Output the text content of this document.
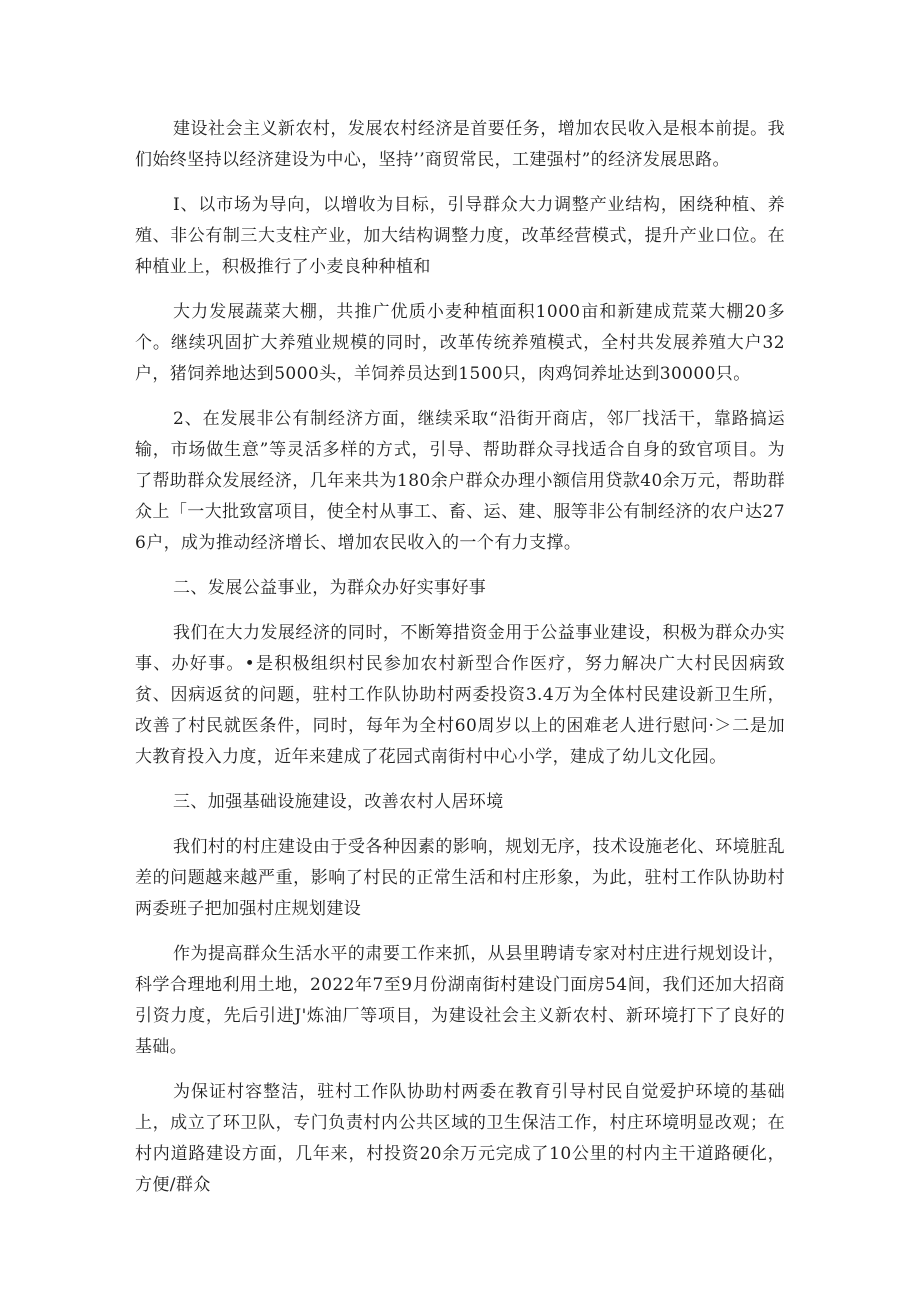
建设社会主义新农村，发展农村经济是首要任务，增加农民收入是根本前提。我们始终坚持以经济建设为中心，坚持’’商贸常民，工建强村”的经济发展思路。

I、以市场为导向，以增收为目标，引导群众大力调整产业结构，困绕种植、养殖、非公有制三大支柱产业，加大结构调整力度，改革经营模式，提升产业口位。在种植业上，积极推行了小麦良种种植和

大力发展蔬菜大棚，共推广优质小麦种植面积1000亩和新建成荒菜大棚20多个。继续巩固扩大养殖业规模的同时，改革传统养殖模式，全村共发展养殖大户32户，猪饲养地达到5000头，羊饲养员达到1500只，肉鸡饲养址达到30000只。

2、在发展非公有制经济方面，继续采取“沿街开商店，邻厂找活干，靠路搞运输，市场做生意”等灵活多样的方式，引导、帮助群众寻找适合自身的致官项目。为了帮助群众发展经济，几年来共为180余户群众办理小额信用贷款40余万元，帮助群众上「一大批致富项目，使全村从事工、畜、运、建、服等非公有制经济的农户达276户，成为推动经济增长、增加农民收入的一个有力支撑。

二、发展公益事业，为群众办好实事好事

我们在大力发展经济的同时，不断筹措资金用于公益事业建设，积极为群众办实事、办好事。•是积极组织村民参加农村新型合作医疗，努力解决广大村民因病致贫、因病返贫的问题，驻村工作队协助村两委投资3.4万为全体村民建设新卫生所，改善了村民就医条件，同时，每年为全村60周岁以上的困难老人进行慰问·＞二是加大教育投入力度，近年来建成了花园式南街村中心小学，建成了幼儿文化园。

三、加强基础设施建设，改善农村人居环境

我们村的村庄建设由于受各种因素的影响，规划无序，技术设施老化、环境脏乱差的问题越来越严重，影响了村民的正常生活和村庄形象，为此，驻村工作队协助村两委班子把加强村庄规划建设

作为提高群众生活水平的肃要工作来抓，从县里聘请专家对村庄进行规划设计，科学合理地利用土地，2022年7至9月份湖南街村建设门面房54间，我们还加大招商引资力度，先后引进J'炼油厂等项目，为建设社会主义新农村、新环境打下了良好的基础。

为保证村容整洁，驻村工作队协助村两委在教育引导村民自觉爱护环境的基础上，成立了环卫队，专门负责村内公共区域的卫生保洁工作，村庄环境明显改观；在村内道路建设方面，几年来，村投资20余万元完成了10公里的村内主干道路硬化，方便/群众
